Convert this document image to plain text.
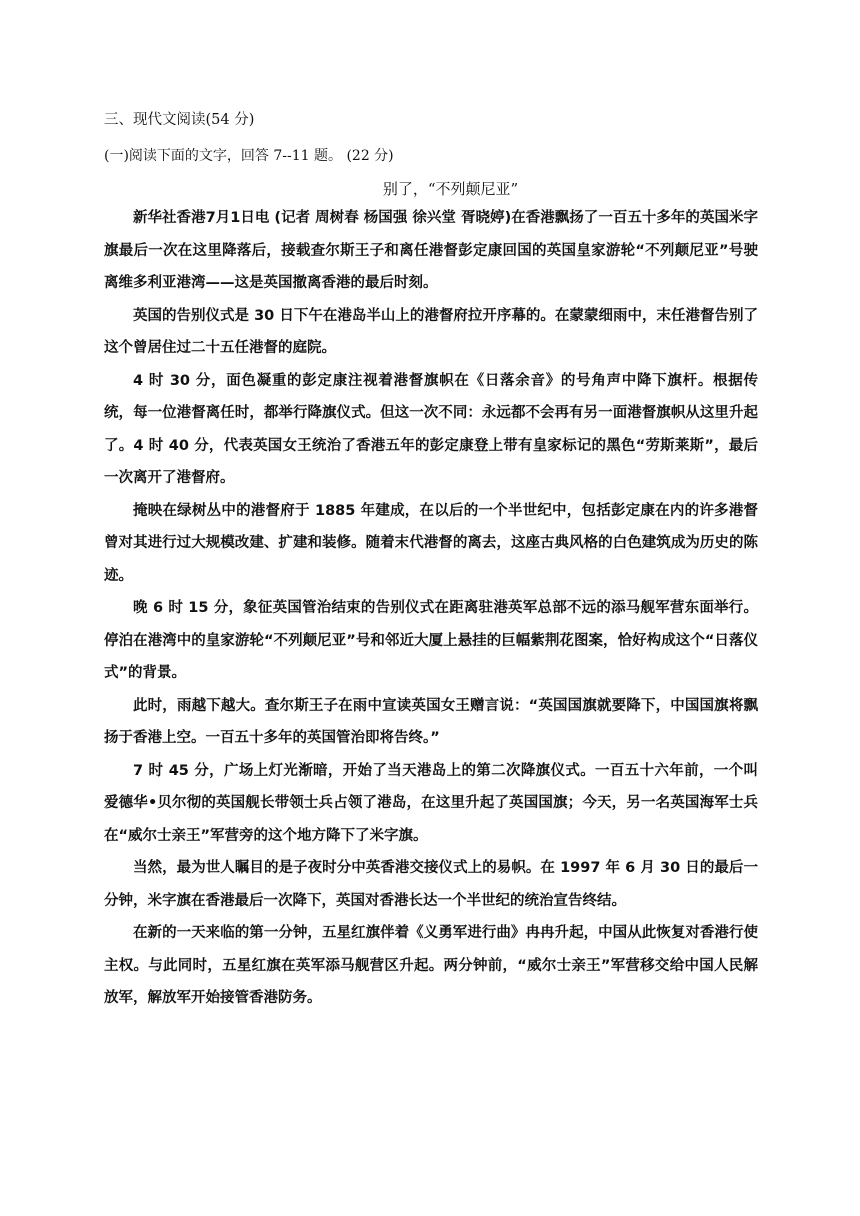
三、现代文阅读(54 分)
(一)阅读下面的文字，回答 7--11 题。 (22 分)
别了，“不列颠尼亚”

新华社香港7月1日电 (记者 周树春 杨国强 徐兴堂 胥晓婷)在香港飘扬了一百五十多年的英国米字旗最后一次在这里降落后，接载查尔斯王子和离任港督彭定康回国的英国皇家游轮“不列颠尼亚”号驶离维多利亚港湾——这是英国撤离香港的最后时刻。

英国的告别仪式是 30 日下午在港岛半山上的港督府拉开序幕的。在蒙蒙细雨中，末任港督告别了这个曾居住过二十五任港督的庭院。

4 时 30 分，面色凝重的彭定康注视着港督旗帜在《日落余音》的号角声中降下旗杆。根据传统，每一位港督离任时，都举行降旗仪式。但这一次不同：永远都不会再有另一面港督旗帜从这里升起了。4 时 40 分，代表英国女王统治了香港五年的彭定康登上带有皇家标记的黑色“劳斯莱斯”，最后一次离开了港督府。

掩映在绿树丛中的港督府于 1885 年建成，在以后的一个半世纪中，包括彭定康在内的许多港督曾对其进行过大规模改建、扩建和装修。随着末代港督的离去，这座古典风格的白色建筑成为历史的陈迹。

晚 6 时 15 分，象征英国管治结束的告别仪式在距离驻港英军总部不远的添马舰军营东面举行。停泊在港湾中的皇家游轮“不列颠尼亚”号和邻近大厦上悬挂的巨幅紫荆花图案，恰好构成这个“日落仪式”的背景。

此时，雨越下越大。查尔斯王子在雨中宣读英国女王赠言说：“英国国旗就要降下，中国国旗将飘扬于香港上空。一百五十多年的英国管治即将告终。”

7 时 45 分，广场上灯光渐暗，开始了当天港岛上的第二次降旗仪式。一百五十六年前，一个叫爱德华•贝尔彻的英国舰长带领士兵占领了港岛，在这里升起了英国国旗；今天，另一名英国海军士兵在“威尔士亲王”军营旁的这个地方降下了米字旗。

当然，最为世人瞩目的是子夜时分中英香港交接仪式上的易帜。在 1997 年 6 月 30 日的最后一分钟，米字旗在香港最后一次降下，英国对香港长达一个半世纪的统治宣告终结。

在新的一天来临的第一分钟，五星红旗伴着《义勇军进行曲》冉冉升起，中国从此恢复对香港行使主权。与此同时，五星红旗在英军添马舰营区升起。两分钟前，“威尔士亲王”军营移交给中国人民解放军，解放军开始接管香港防务。
